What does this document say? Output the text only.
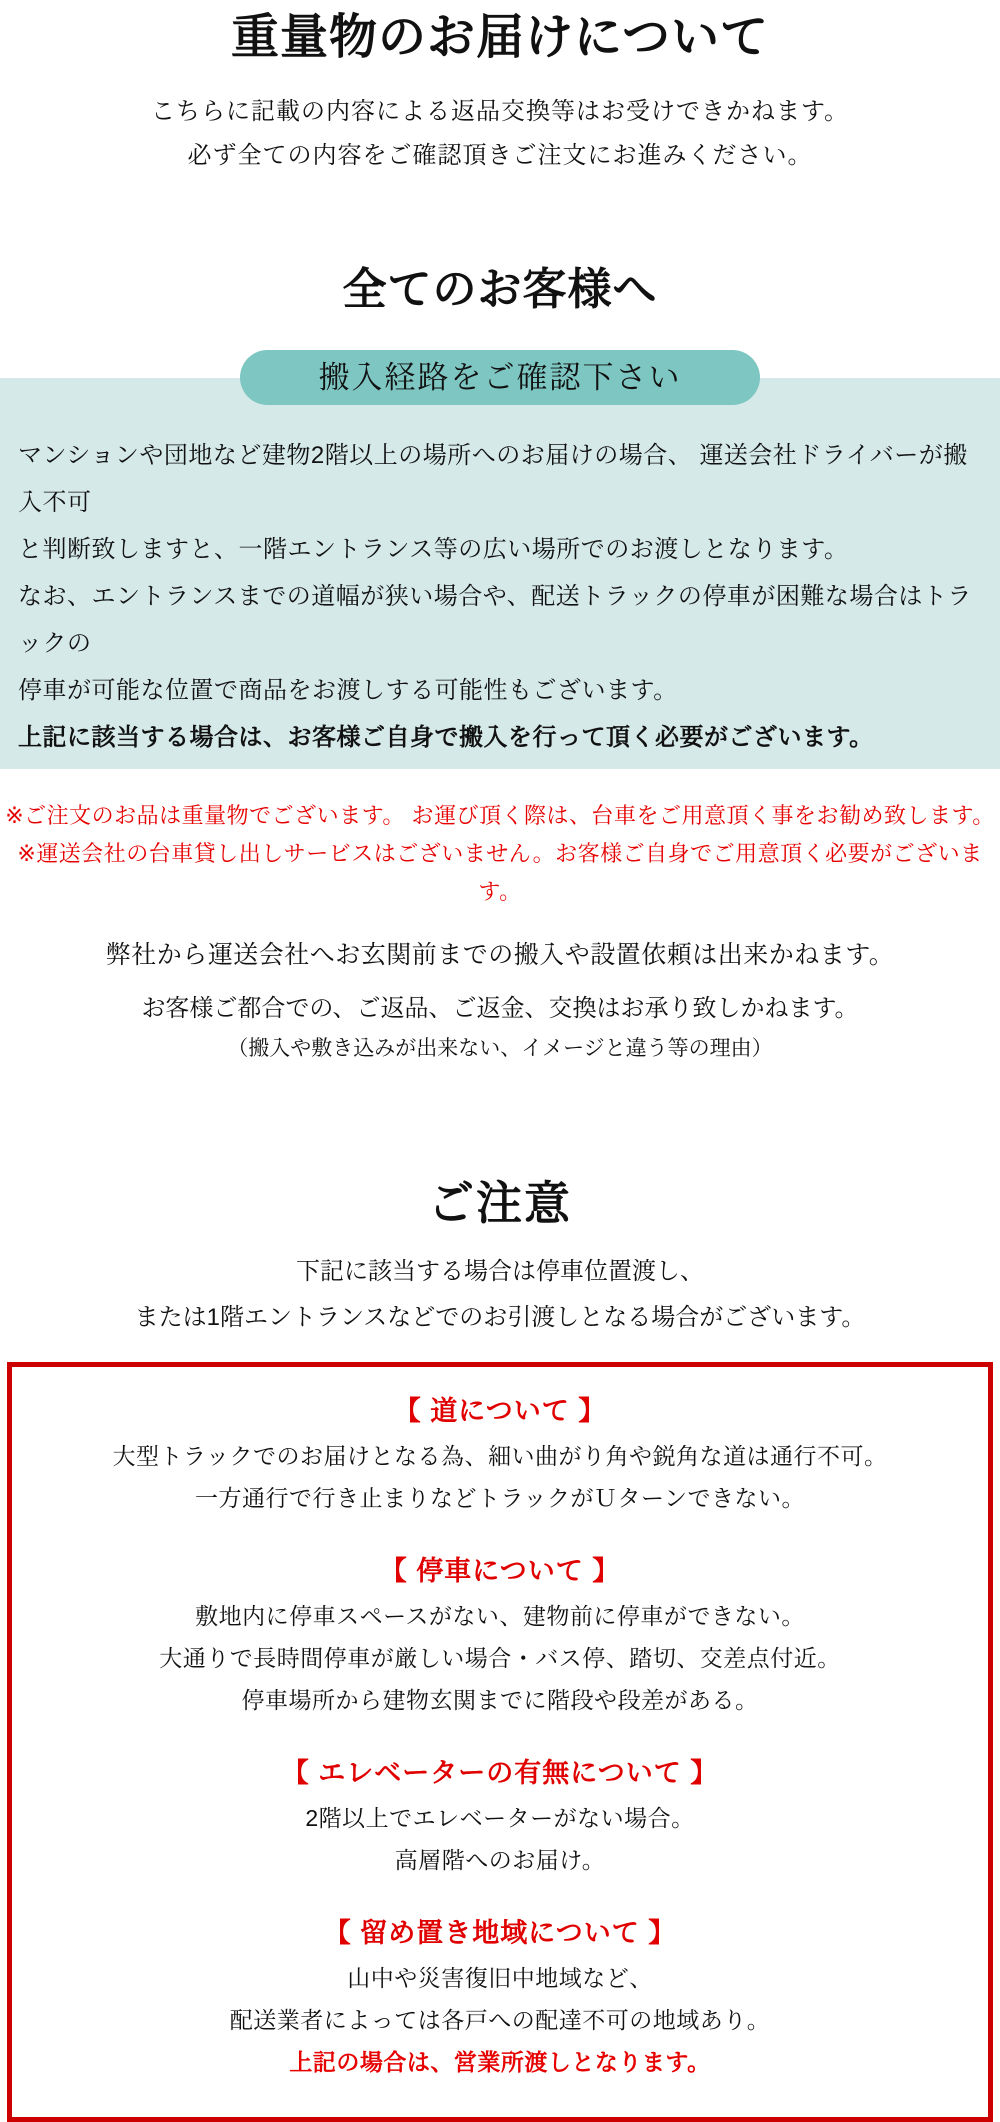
重量物のお届けについて
こちらに記載の内容による返品交換等はお受けできかねます。
必ず全ての内容をご確認頂きご注文にお進みください。
全てのお客様へ
搬入経路をご確認下さい

マンションや団地など建物2階以上の場所へのお届けの場合、 運送会社ドライバーが搬入不可

と判断致しますと、一階エントランス等の広い場所でのお渡しとなります。

なお、エントランスまでの道幅が狭い場合や、配送トラックの停車が困難な場合はトラックの

停車が可能な位置で商品をお渡しする可能性もございます。

上記に該当する場合は、お客様ご自身で搬入を行って頂く必要がございます。

※ご注文のお品は重量物でございます。 お運び頂く際は、台車をご用意頂く事をお勧め致します。

※運送会社の台車貸し出しサービスはございません。お客様ご自身でご用意頂く必要がございます。

弊社から運送会社へお玄関前までの搬入や設置依頼は出来かねます。

お客様ご都合での、ご返品、ご返金、交換はお承り致しかねます。

（搬入や敷き込みが出来ない、イメージと違う等の理由）

ご注意

下記に該当する場合は停車位置渡し、

または1階エントランスなどでのお引渡しとなる場合がございます。

【 道について 】

大型トラックでのお届けとなる為、細い曲がり角や鋭角な道は通行不可。

一方通行で行き止まりなどトラックがＵターンできない。

【 停車について 】

敷地内に停車スペースがない、建物前に停車ができない。

大通りで長時間停車が厳しい場合・バス停、踏切、交差点付近。

停車場所から建物玄関までに階段や段差がある。

【 エレベーターの有無について 】

2階以上でエレベーターがない場合。

高層階へのお届け。

【 留め置き地域について 】

山中や災害復旧中地域など、

配送業者によっては各戸への配達不可の地域あり。

上記の場合は、営業所渡しとなります。
